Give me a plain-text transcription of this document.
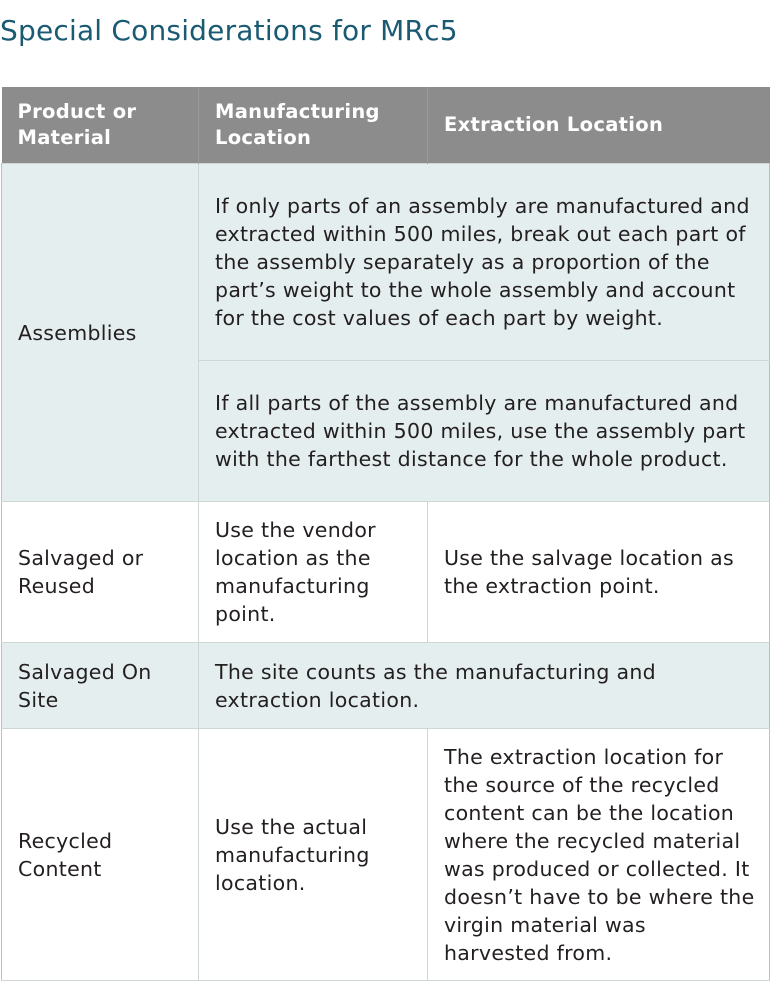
Special Considerations for MRc5
Product or Material	Manufacturing Location	Extraction Location
Assemblies	If only parts of an assembly are manufactured and extracted within 500 miles, break out each part of the assembly separately as a proportion of the part’s weight to the whole assembly and account for the cost values of each part by weight.	
	If all parts of the assembly are manufactured and extracted within 500 miles, use the assembly part with the farthest distance for the whole product.	
Salvaged or Reused	Use the vendor location as the manufacturing point.	Use the salvage location as the extraction point.
Salvaged On Site	The site counts as the manufacturing and extraction location.	
Recycled Content	Use the actual manufacturing location.	The extraction location for the source of the recycled content can be the location where the recycled material was produced or collected. It doesn’t have to be where the virgin material was harvested from.
